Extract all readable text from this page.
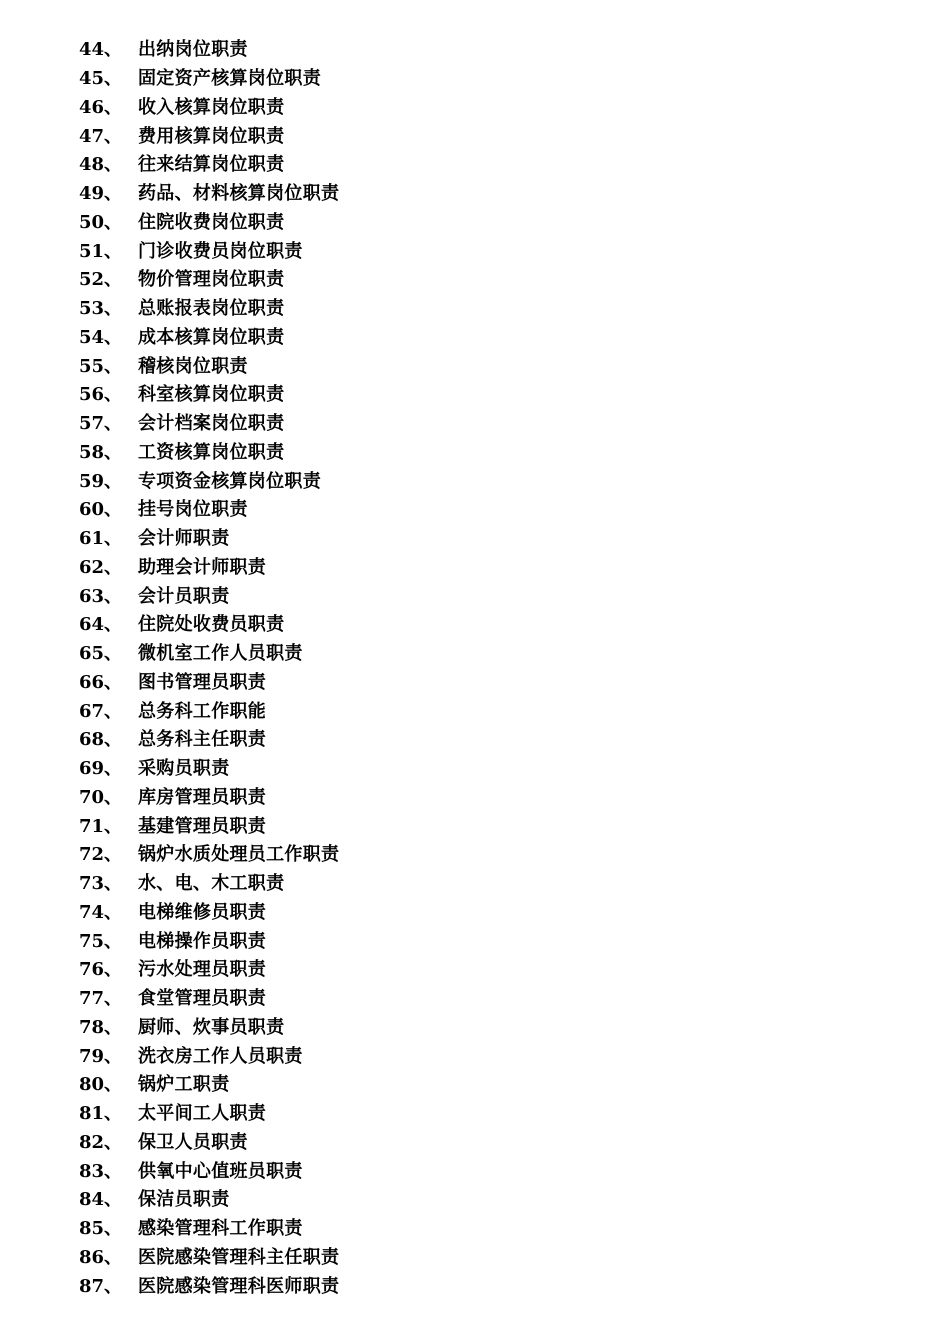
44、 出纳岗位职责
45、 固定资产核算岗位职责
46、 收入核算岗位职责
47、 费用核算岗位职责
48、 往来结算岗位职责
49、 药品、材料核算岗位职责
50、 住院收费岗位职责
51、 门诊收费员岗位职责
52、 物价管理岗位职责
53、 总账报表岗位职责
54、 成本核算岗位职责
55、 稽核岗位职责
56、 科室核算岗位职责
57、 会计档案岗位职责
58、 工资核算岗位职责
59、 专项资金核算岗位职责
60、 挂号岗位职责
61、 会计师职责
62、 助理会计师职责
63、 会计员职责
64、 住院处收费员职责
65、 微机室工作人员职责
66、 图书管理员职责
67、 总务科工作职能
68、 总务科主任职责
69、 采购员职责
70、 库房管理员职责
71、 基建管理员职责
72、 锅炉水质处理员工作职责
73、 水、电、木工职责
74、 电梯维修员职责
75、 电梯操作员职责
76、 污水处理员职责
77、 食堂管理员职责
78、 厨师、炊事员职责
79、 洗衣房工作人员职责
80、 锅炉工职责
81、 太平间工人职责
82、 保卫人员职责
83、 供氧中心值班员职责
84、 保洁员职责
85、 感染管理科工作职责
86、 医院感染管理科主任职责
87、 医院感染管理科医师职责
